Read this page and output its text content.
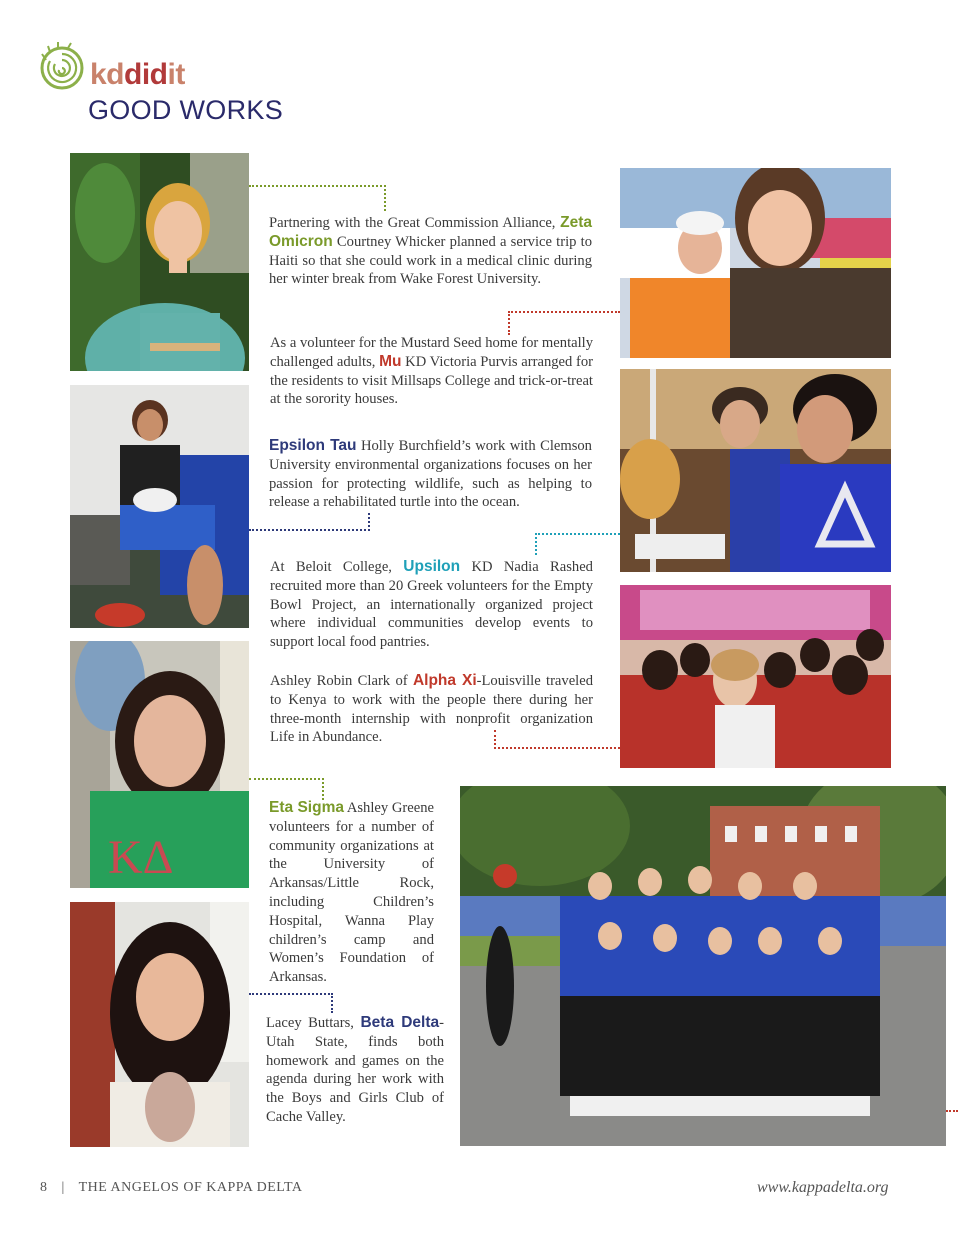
kddidit
GOOD WORKS
KΔ
Partnering with the Great Commission Alliance, Zeta Omicron Courtney Whicker planned a service trip to Haiti so that she could work in a medical clinic during her winter break from Wake Forest University.
As a volunteer for the Mustard Seed home for mentally challenged adults, Mu KD Victoria Purvis arranged for the residents to visit Millsaps College and trick-or-treat at the sorority houses.
Epsilon Tau Holly Burchfield’s work with Clemson University environmental organizations focuses on her passion for protecting wildlife, such as helping to release a rehabilitated turtle into the ocean.
At Beloit College, Upsilon KD Nadia Rashed recruited more than 20 Greek volunteers for the Empty Bowl Project, an internationally organized project where individual communities develop events to support local food pantries.
Ashley Robin Clark of Alpha Xi-Louisville traveled to Kenya to work with the people there during her three-month internship with nonprofit organization Life in Abundance.
Eta Sigma Ashley Greene volunteers for a number of community organizations at the University of Arkansas/Little Rock, including Children’s Hospital, Wanna Play children’s camp and Women’s Foundation of Arkansas.
Lacey Buttars, Beta Delta-Utah State, finds both homework and games on the agenda during her work with the Boys and Girls Club of Cache Valley.
8 | THE ANGELOS OF KAPPA DELTA	www.kappadelta.org
